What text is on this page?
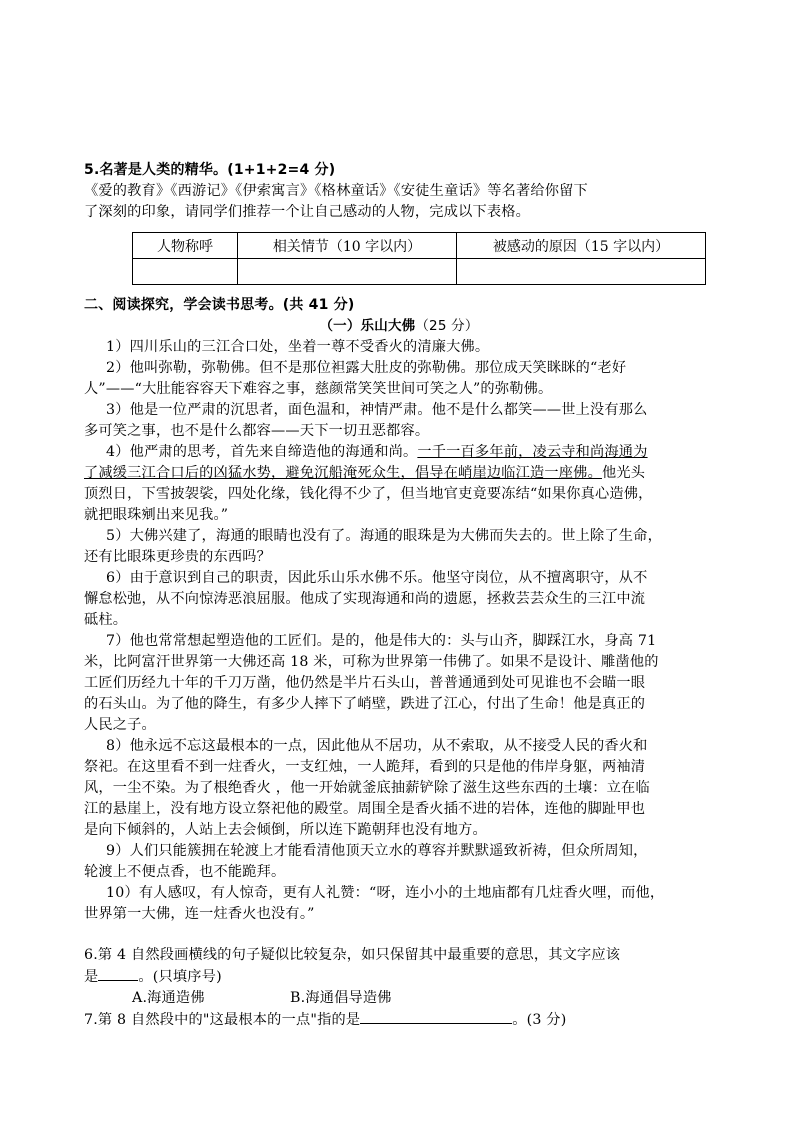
5.名著是人类的精华。(1+1+2=4 分)
《爱的教育》《西游记》《伊索寓言》《格林童话》《安徒生童话》等名著给你留下
了深刻的印象，请同学们推荐一个让自己感动的人物，完成以下表格。
人物称呼	相关情节（10 字以内）	被感动的原因（15 字以内）

二、阅读探究，学会读书思考。(共 41 分)
（一）乐山大佛（25 分）
1）四川乐山的三江合口处，坐着一尊不受香火的清廉大佛。
2）他叫弥勒，弥勒佛。但不是那位袒露大肚皮的弥勒佛。那位成天笑眯眯的“老好
人”——“大肚能容容天下难容之事，慈颜常笑笑世间可笑之人”的弥勒佛。
3）他是一位严肃的沉思者，面色温和，神情严肃。他不是什么都笑——世上没有那么
多可笑之事，也不是什么都容——天下一切丑恶都容。
4）他严肃的思考，首先来自缔造他的海通和尚。一千一百多年前，凌云寺和尚海通为
了减缓三江合口后的凶猛水势，避免沉船淹死众生，倡导在峭崖边临江造一座佛。他光头
顶烈日，下雪披袈裟，四处化缘，钱化得不少了，但当地官吏竟要冻结“如果你真心造佛，
就把眼珠剜出来见我。”
5）大佛兴建了，海通的眼睛也没有了。海通的眼珠是为大佛而失去的。世上除了生命，
还有比眼珠更珍贵的东西吗？
6）由于意识到自己的职责，因此乐山乐水佛不乐。他坚守岗位，从不擅离职守，从不
懈怠松弛，从不向惊涛恶浪屈服。他成了实现海通和尚的遗愿，拯救芸芸众生的三江中流
砥柱。
7）他也常常想起塑造他的工匠们。是的，他是伟大的：头与山齐，脚踩江水，身高 71
米，比阿富汗世界第一大佛还高 18 米，可称为世界第一伟佛了。如果不是设计、雕凿他的
工匠们历经九十年的千刀万凿，他仍然是半片石头山，普普通通到处可见谁也不会瞄一眼
的石头山。为了他的降生，有多少人摔下了峭壁，跌进了江心，付出了生命！他是真正的
人民之子。
8）他永远不忘这最根本的一点，因此他从不居功，从不索取，从不接受人民的香火和
祭祀。在这里看不到一炷香火，一支红烛，一人跪拜，看到的只是他的伟岸身躯，两袖清
风，一尘不染。为了根绝香火 ，他一开始就釜底抽薪铲除了滋生这些东西的土壤：立在临
江的悬崖上，没有地方设立祭祀他的殿堂。周围全是香火插不进的岩体，连他的脚趾甲也
是向下倾斜的，人站上去会倾倒，所以连下跪朝拜也没有地方。
9）人们只能簇拥在轮渡上才能看清他顶天立水的尊容并默默遥致祈祷，但众所周知，
轮渡上不便点香，也不能跪拜。
10）有人感叹，有人惊奇，更有人礼赞：“呀，连小小的土地庙都有几炷香火哩，而他，
世界第一大佛，连一炷香火也没有。”
6.第 4 自然段画横线的句子疑似比较复杂，如只保留其中最重要的意思，其文字应该
是	。(只填序号)
A.海通造佛	B.海通倡导造佛
7.第 8 自然段中的"这最根本的一点"指的是	。(3 分)
